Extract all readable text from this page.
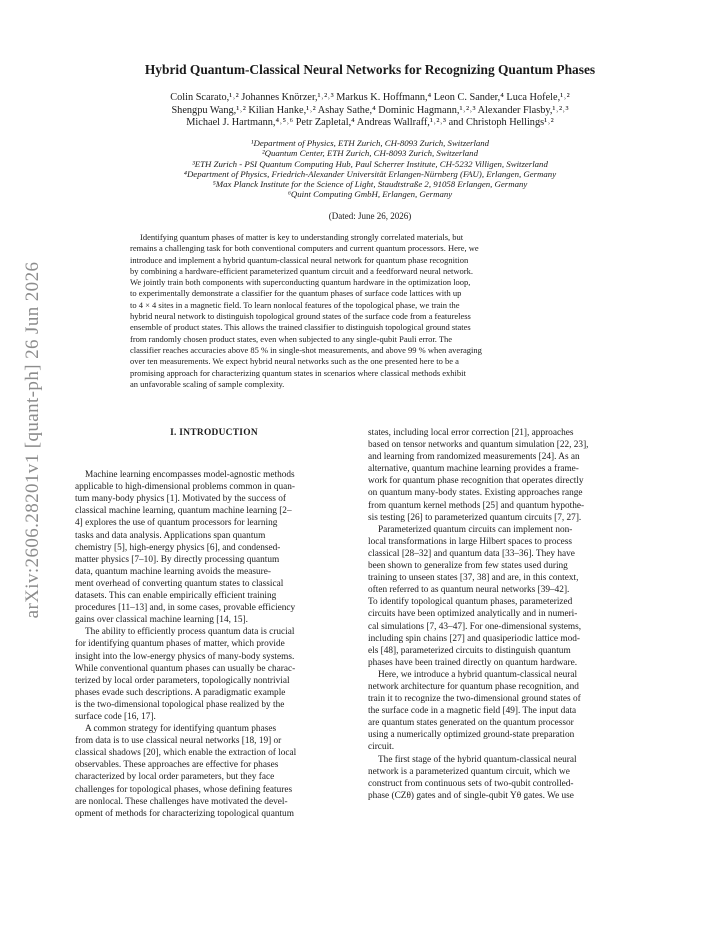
arXiv:2606.28201v1 [quant-ph] 26 Jun 2026
Hybrid Quantum-Classical Neural Networks for Recognizing Quantum Phases
Colin Scarato,¹˒² Johannes Knörzer,¹˒²˒³ Markus K. Hoffmann,⁴ Leon C. Sander,⁴ Luca Hofele,¹˒²
Shengpu Wang,¹˒² Kilian Hanke,¹˒² Ashay Sathe,⁴ Dominic Hagmann,¹˒²˒³ Alexander Flasby,¹˒²˒³
Michael J. Hartmann,⁴˒⁵˒⁶ Petr Zapletal,⁴ Andreas Wallraff,¹˒²˒³ and Christoph Hellings¹˒²
¹Department of Physics, ETH Zurich, CH-8093 Zurich, Switzerland
²Quantum Center, ETH Zurich, CH-8093 Zurich, Switzerland
³ETH Zurich - PSI Quantum Computing Hub, Paul Scherrer Institute, CH-5232 Villigen, Switzerland
⁴Department of Physics, Friedrich-Alexander Universität Erlangen-Nürnberg (FAU), Erlangen, Germany
⁵Max Planck Institute for the Science of Light, Staudtstraße 2, 91058 Erlangen, Germany
⁶Quint Computing GmbH, Erlangen, Germany
(Dated: June 26, 2026)
Identifying quantum phases of matter is key to understanding strongly correlated materials, but
remains a challenging task for both conventional computers and current quantum processors. Here, we
introduce and implement a hybrid quantum-classical neural network for quantum phase recognition
by combining a hardware-efficient parameterized quantum circuit and a feedforward neural network.
We jointly train both components with superconducting quantum hardware in the optimization loop,
to experimentally demonstrate a classifier for the quantum phases of surface code lattices with up
to 4 × 4 sites in a magnetic field. To learn nonlocal features of the topological phase, we train the
hybrid neural network to distinguish topological ground states of the surface code from a featureless
ensemble of product states. This allows the trained classifier to distinguish topological ground states
from randomly chosen product states, even when subjected to any single-qubit Pauli error. The
classifier reaches accuracies above 85 % in single-shot measurements, and above 99 % when averaging
over ten measurements. We expect hybrid neural networks such as the one presented here to be a
promising approach for characterizing quantum states in scenarios where classical methods exhibit
an unfavorable scaling of sample complexity.
I. INTRODUCTION
Machine learning encompasses model-agnostic methods
applicable to high-dimensional problems common in quan-
tum many-body physics [1]. Motivated by the success of
classical machine learning, quantum machine learning [2–
4] explores the use of quantum processors for learning
tasks and data analysis. Applications span quantum
chemistry [5], high-energy physics [6], and condensed-
matter physics [7–10]. By directly processing quantum
data, quantum machine learning avoids the measure-
ment overhead of converting quantum states to classical
datasets. This can enable empirically efficient training
procedures [11–13] and, in some cases, provable efficiency
gains over classical machine learning [14, 15].
The ability to efficiently process quantum data is crucial
for identifying quantum phases of matter, which provide
insight into the low-energy physics of many-body systems.
While conventional quantum phases can usually be charac-
terized by local order parameters, topologically nontrivial
phases evade such descriptions. A paradigmatic example
is the two-dimensional topological phase realized by the
surface code [16, 17].
A common strategy for identifying quantum phases
from data is to use classical neural networks [18, 19] or
classical shadows [20], which enable the extraction of local
observables. These approaches are effective for phases
characterized by local order parameters, but they face
challenges for topological phases, whose defining features
are nonlocal. These challenges have motivated the devel-
opment of methods for characterizing topological quantum
states, including local error correction [21], approaches
based on tensor networks and quantum simulation [22, 23],
and learning from randomized measurements [24]. As an
alternative, quantum machine learning provides a frame-
work for quantum phase recognition that operates directly
on quantum many-body states. Existing approaches range
from quantum kernel methods [25] and quantum hypothe-
sis testing [26] to parameterized quantum circuits [7, 27].
Parameterized quantum circuits can implement non-
local transformations in large Hilbert spaces to process
classical [28–32] and quantum data [33–36]. They have
been shown to generalize from few states used during
training to unseen states [37, 38] and are, in this context,
often referred to as quantum neural networks [39–42].
To identify topological quantum phases, parameterized
circuits have been optimized analytically and in numeri-
cal simulations [7, 43–47]. For one-dimensional systems,
including spin chains [27] and quasiperiodic lattice mod-
els [48], parameterized circuits to distinguish quantum
phases have been trained directly on quantum hardware.
Here, we introduce a hybrid quantum-classical neural
network architecture for quantum phase recognition, and
train it to recognize the two-dimensional ground states of
the surface code in a magnetic field [49]. The input data
are quantum states generated on the quantum processor
using a numerically optimized ground-state preparation
circuit.
The first stage of the hybrid quantum-classical neural
network is a parameterized quantum circuit, which we
construct from continuous sets of two-qubit controlled-
phase (CZθ) gates and of single-qubit Yθ gates. We use
